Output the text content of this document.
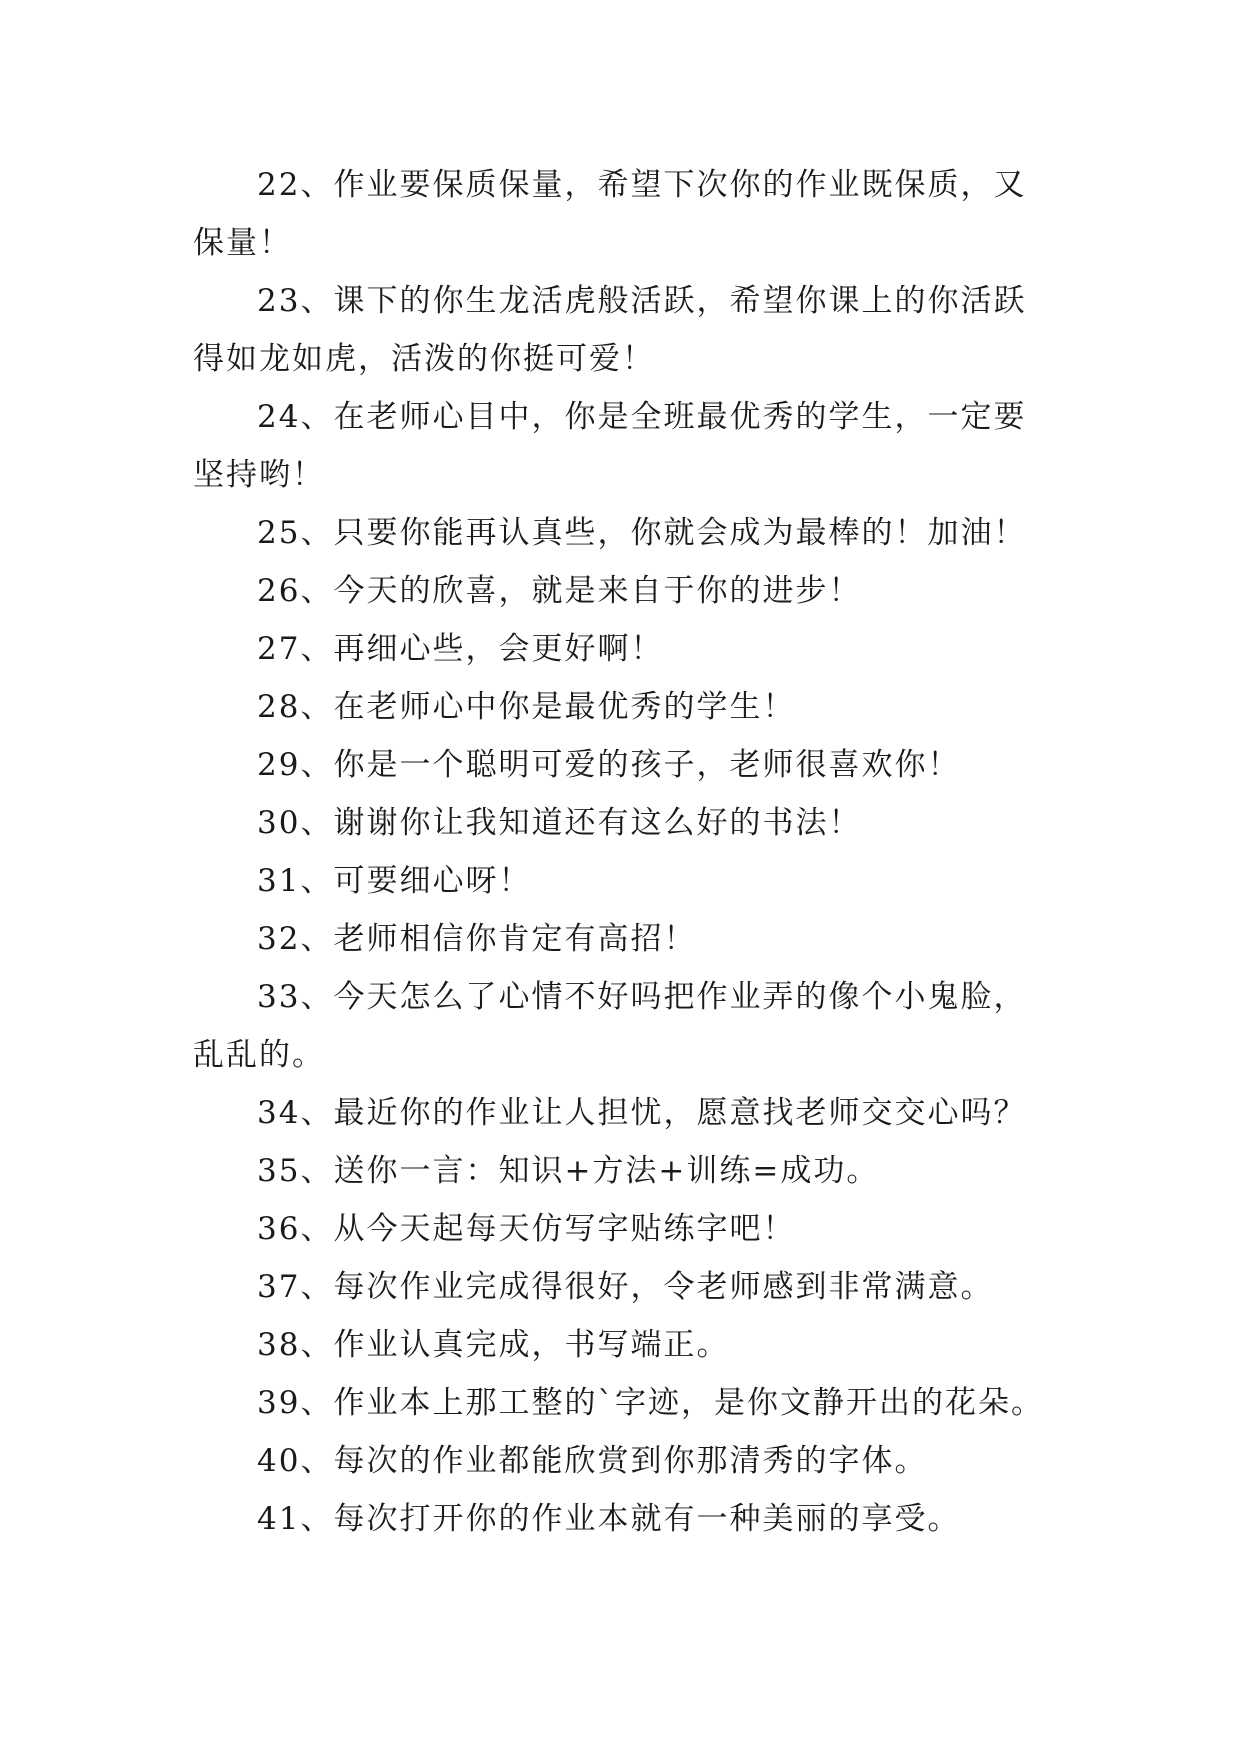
22、作业要保质保量，希望下次你的作业既保质，又保量！

23、课下的你生龙活虎般活跃，希望你课上的你活跃得如龙如虎，活泼的你挺可爱！

24、在老师心目中，你是全班最优秀的学生，一定要坚持哟！

25、只要你能再认真些，你就会成为最棒的！加油！

26、今天的欣喜，就是来自于你的进步！

27、再细心些，会更好啊！

28、在老师心中你是最优秀的学生！

29、你是一个聪明可爱的孩子，老师很喜欢你！

30、谢谢你让我知道还有这么好的书法！

31、可要细心呀！

32、老师相信你肯定有高招！

33、今天怎么了心情不好吗把作业弄的像个小鬼脸，乱乱的。

34、最近你的作业让人担忧，愿意找老师交交心吗？

35、送你一言：知识+方法+训练=成功。

36、从今天起每天仿写字贴练字吧！

37、每次作业完成得很好，令老师感到非常满意。

38、作业认真完成，书写端正。

39、作业本上那工整的`字迹，是你文静开出的花朵。

40、每次的作业都能欣赏到你那清秀的字体。

41、每次打开你的作业本就有一种美丽的享受。
